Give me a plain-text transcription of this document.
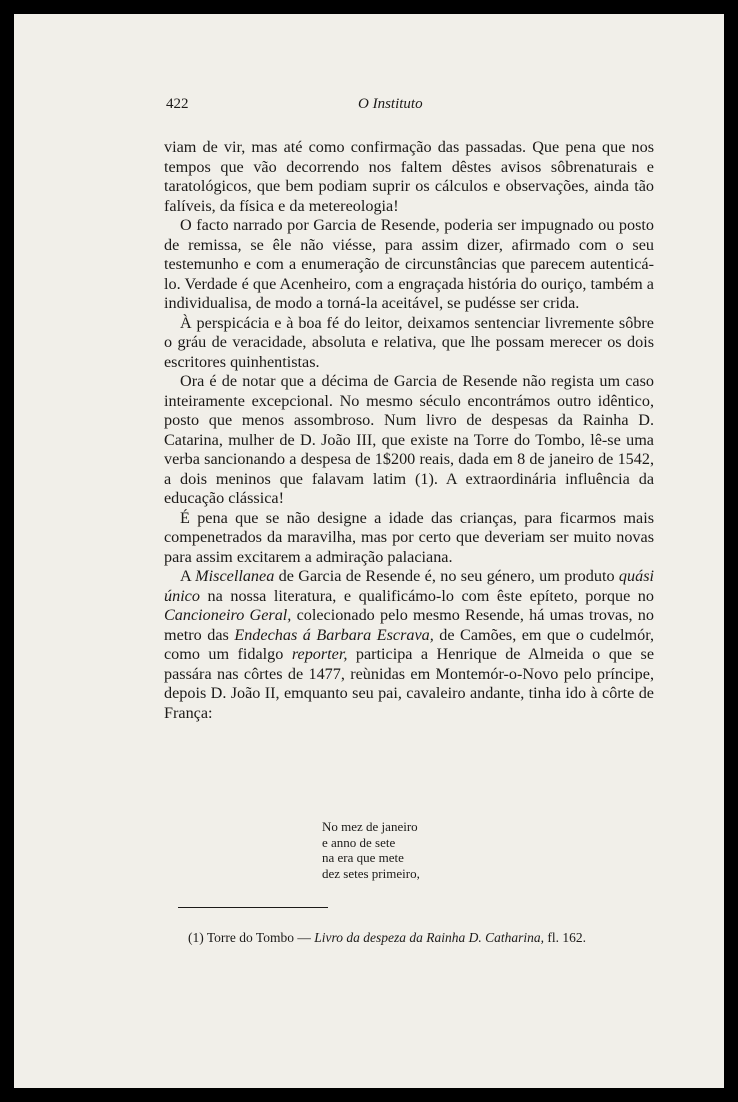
422	O Instituto

viam de vir, mas até como confirmação das passadas. Que pena que nos tempos que vão decorrendo nos faltem dêstes avisos sôbrenaturais e taratológicos, que bem podiam suprir os cálculos e observações, ainda tão falíveis, da física e da metereologia!

O facto narrado por Garcia de Resende, poderia ser impugnado ou posto de remissa, se êle não viésse, para assim dizer, afirmado com o seu testemunho e com a enumeração de circunstâncias que parecem autenticá-lo. Verdade é que Acenheiro, com a engraçada história do ouriço, também a individualisa, de modo a torná-la aceitável, se pudésse ser crida.

À perspicácia e à boa fé do leitor, deixamos sentenciar livremente sôbre o gráu de veracidade, absoluta e relativa, que lhe possam merecer os dois escritores quinhentistas.

Ora é de notar que a décima de Garcia de Resende não regista um caso inteiramente excepcional. No mesmo século encontrámos outro idêntico, posto que menos assombroso. Num livro de despesas da Rainha D. Catarina, mulher de D. João III, que existe na Torre do Tombo, lê-se uma verba sancionando a despesa de 1$200 reais, dada em 8 de janeiro de 1542, a dois meninos que falavam latim (1). A extraordinária influência da educação clássica!

É pena que se não designe a idade das crianças, para ficarmos mais compenetrados da maravilha, mas por certo que deveriam ser muito novas para assim excitarem a admiração palaciana.

A Miscellanea de Garcia de Resende é, no seu género, um produto quási único na nossa literatura, e qualificámo-lo com êste epíteto, porque no Cancioneiro Geral, colecionado pelo mesmo Resende, há umas trovas, no metro das Endechas á Barbara Escrava, de Camões, em que o cudelmór, como um fidalgo reporter, participa a Henrique de Almeida o que se passára nas côrtes de 1477, reùnidas em Montemór-o-Novo pelo príncipe, depois D. João II, emquanto seu pai, cavaleiro andante, tinha ido à côrte de França:

No mez de janeiro
e anno de sete
na era que mete
dez setes primeiro,

(1) Torre do Tombo — Livro da despeza da Rainha D. Catharina, fl. 162.
